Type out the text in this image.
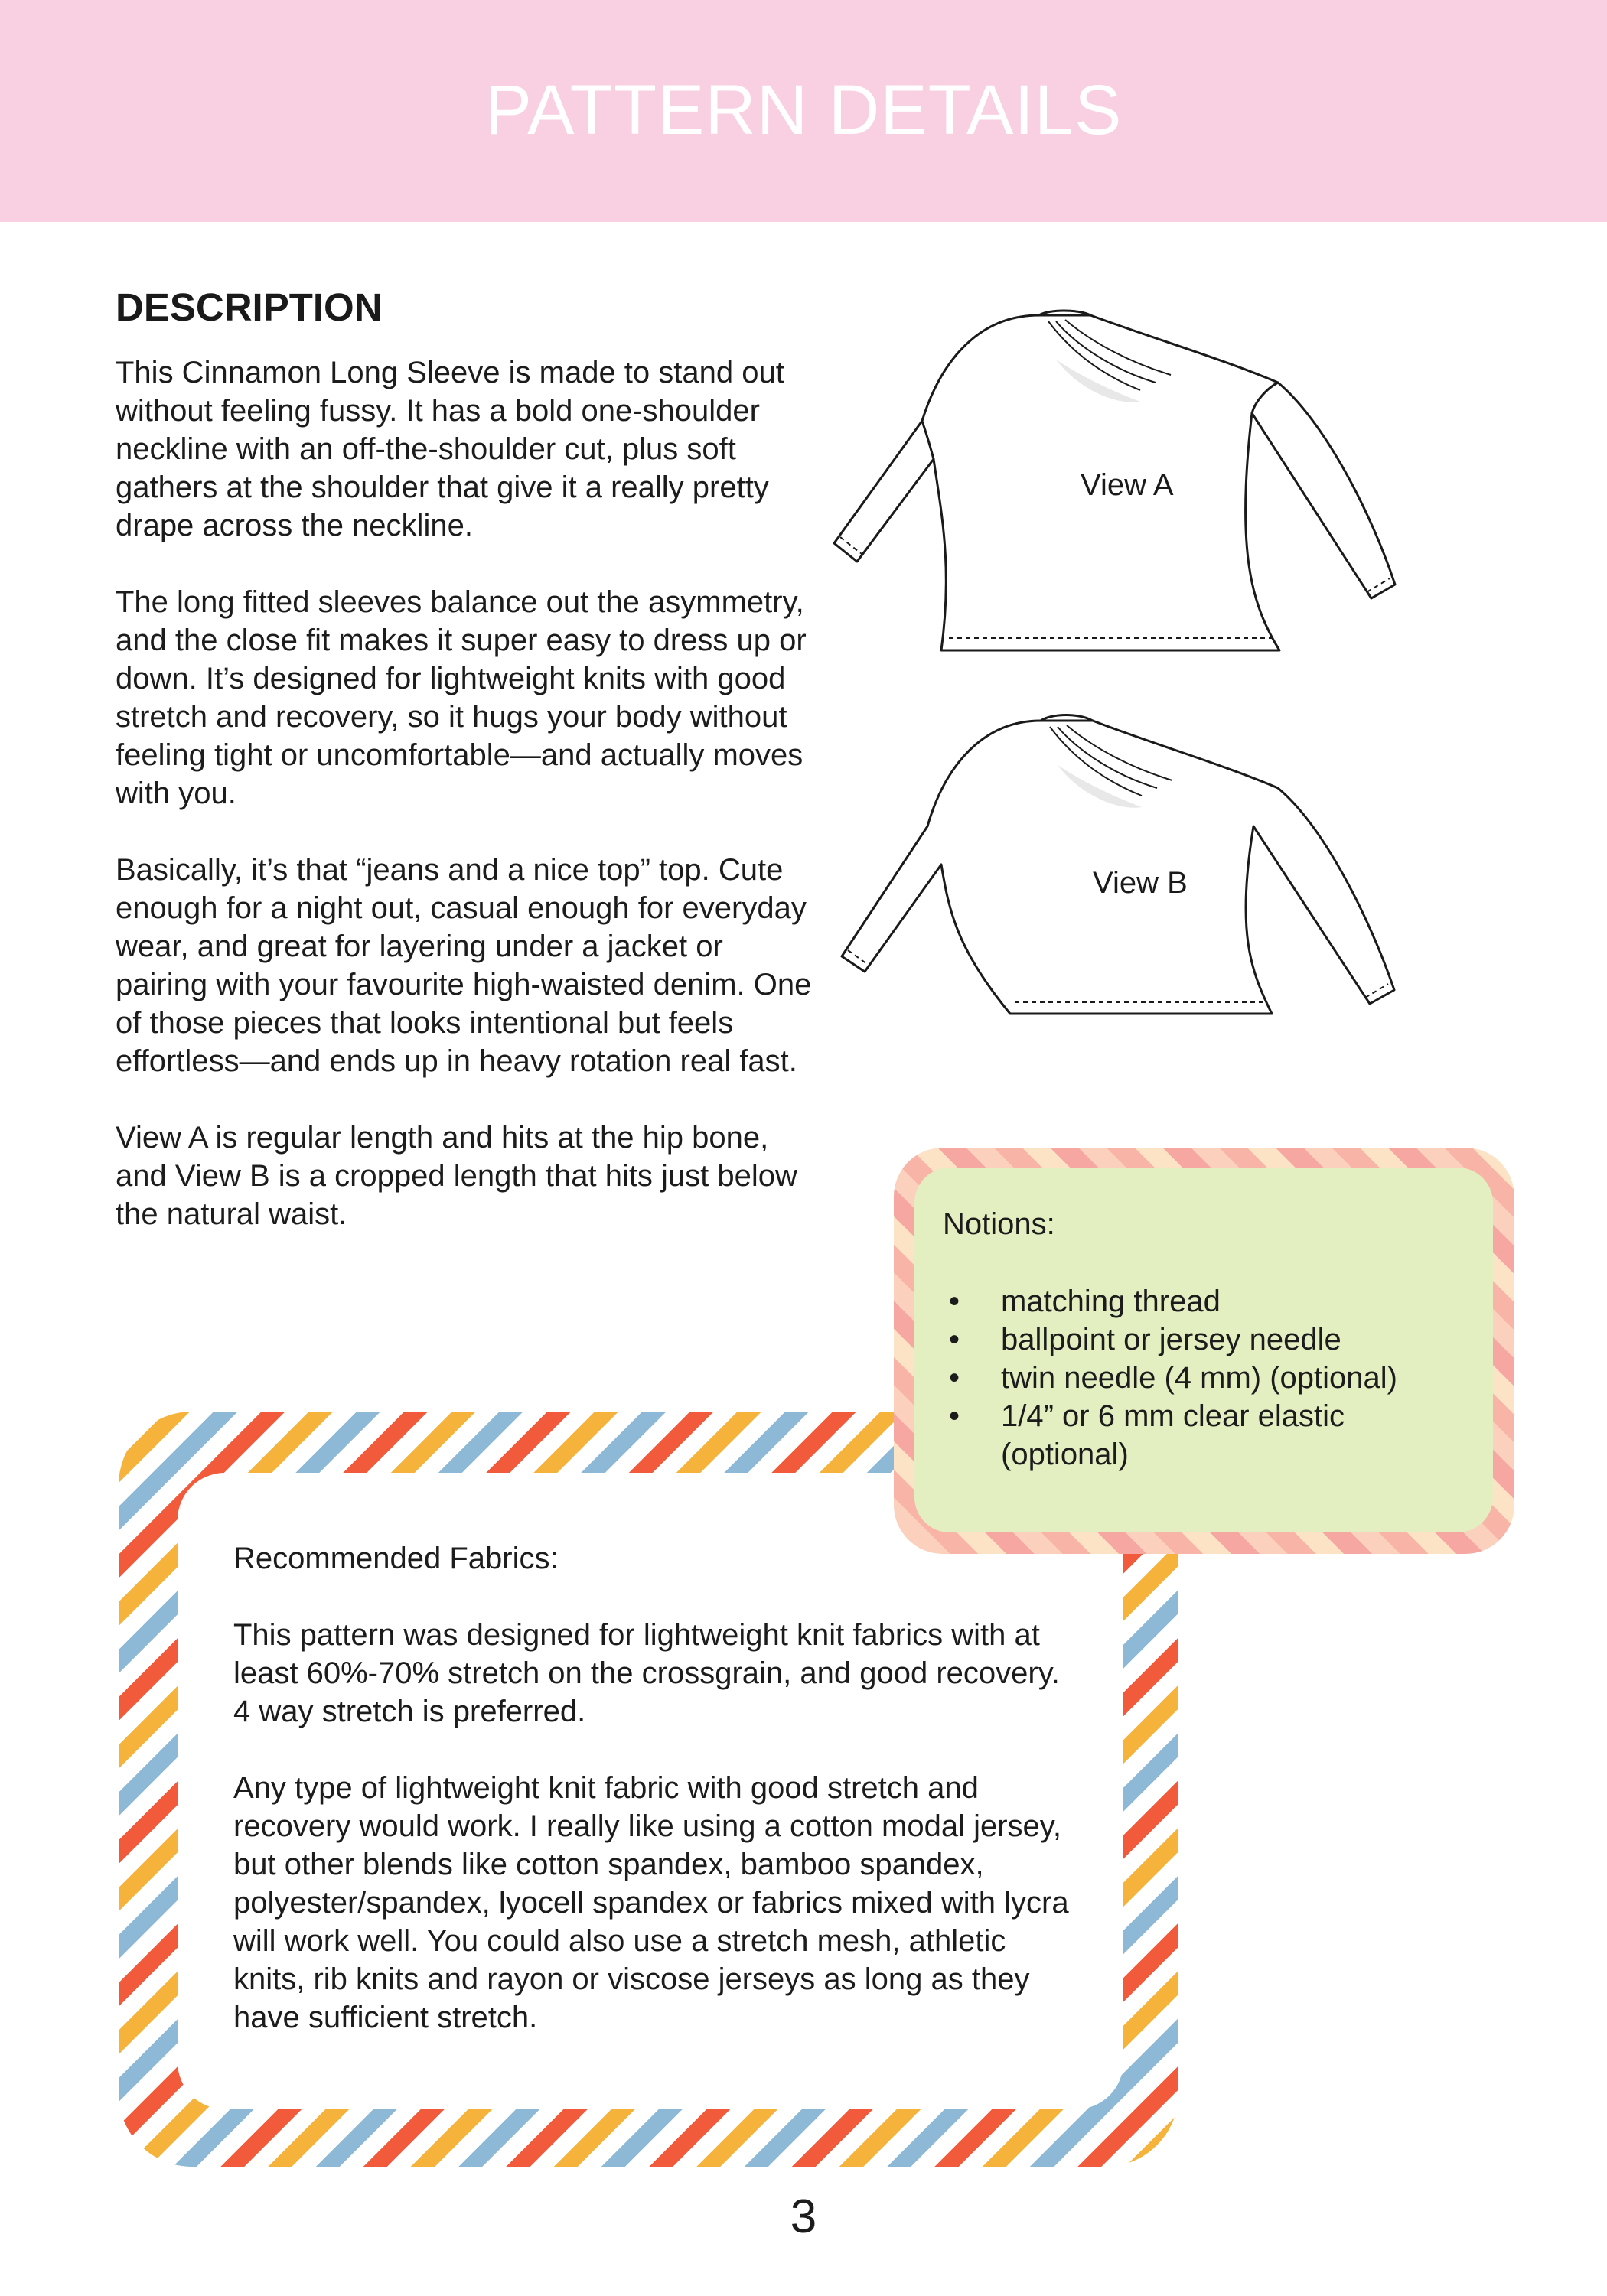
PATTERN DETAILS
DESCRIPTION

This Cinnamon Long Sleeve is made to stand out without feeling fussy. It has a bold one-shoulder neckline with an off-the-shoulder cut, plus soft gathers at the shoulder that give it a really pretty drape across the neckline.

The long fitted sleeves balance out the asymmetry, and the close fit makes it super easy to dress up or down. It’s designed for lightweight knits with good stretch and recovery, so it hugs your body without feeling tight or uncomfortable—and actually moves with you.

Basically, it’s that “jeans and a nice top” top. Cute enough for a night out, casual enough for everyday wear, and great for layering under a jacket or pairing with your favourite high-waisted denim. One of those pieces that looks intentional but feels effortless—and ends up in heavy rotation real fast.

View A is regular length and hits at the hip bone, and View B is a cropped length that hits just below the natural waist.

View A
View B

Recommended Fabrics:

This pattern was designed for lightweight knit fabrics with at least 60%-70% stretch on the crossgrain, and good recovery. 4 way stretch is preferred.

Any type of lightweight knit fabric with good stretch and recovery would work. I really like using a cotton modal jersey, but other blends like cotton spandex, bamboo spandex, polyester/spandex, lyocell spandex or fabrics mixed with lycra will work well. You could also use a stretch mesh, athletic knits, rib knits and rayon or viscose jerseys as long as they have sufficient stretch.

Notions:
• matching thread
• ballpoint or jersey needle
• twin needle (4 mm) (optional)
• 1/4” or 6 mm clear elastic (optional)
3
